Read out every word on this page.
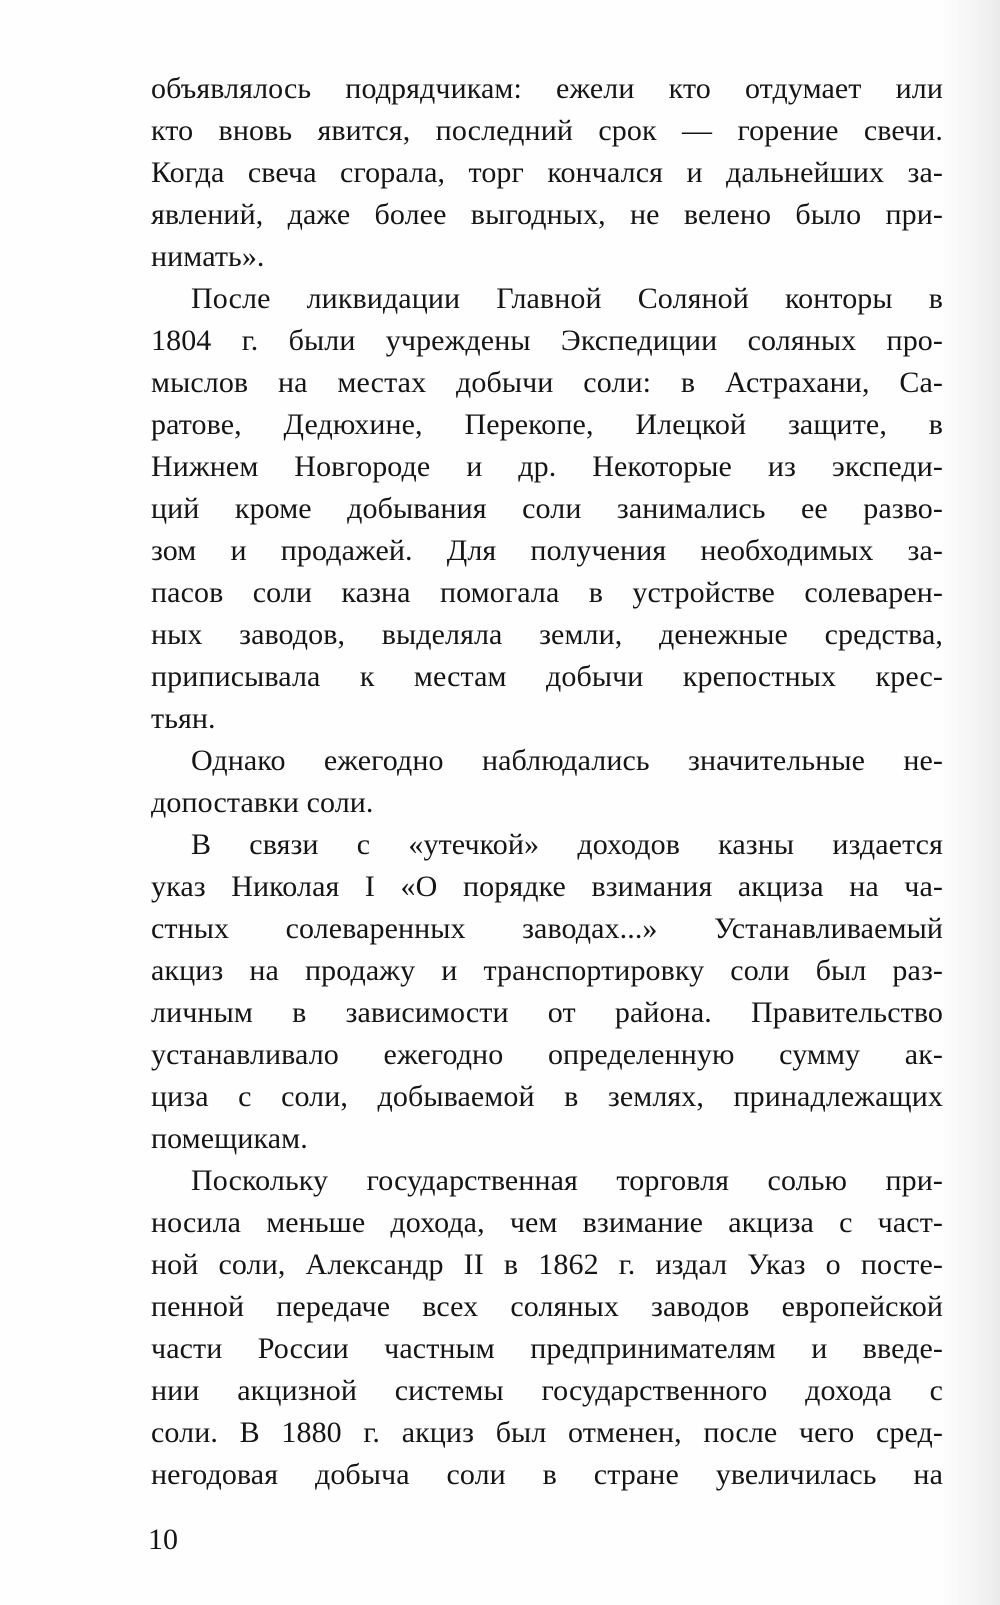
объявлялось подрядчикам: ежели кто отдумает или
кто вновь явится, последний срок — горение свечи.
Когда свеча сгорала, торг кончался и дальнейших за-
явлений, даже более выгодных, не велено было при-
нимать».
После ликвидации Главной Соляной конторы в
1804 г. были учреждены Экспедиции соляных про-
мыслов на местах добычи соли: в Астрахани, Са-
ратове, Дедюхине, Перекопе, Илецкой защите, в
Нижнем Новгороде и др. Некоторые из экспеди-
ций кроме добывания соли занимались ее разво-
зом и продажей. Для получения необходимых за-
пасов соли казна помогала в устройстве солеварен-
ных заводов, выделяла земли, денежные средства,
приписывала к местам добычи крепостных крес-
тьян.
Однако ежегодно наблюдались значительные не-
допоставки соли.
В связи с «утечкой» доходов казны издается
указ Николая I «О порядке взимания акциза на ча-
стных солеваренных заводах...» Устанавливаемый
акциз на продажу и транспортировку соли был раз-
личным в зависимости от района. Правительство
устанавливало ежегодно определенную сумму ак-
циза с соли, добываемой в землях, принадлежащих
помещикам.
Поскольку государственная торговля солью при-
носила меньше дохода, чем взимание акциза с част-
ной соли, Александр II в 1862 г. издал Указ о посте-
пенной передаче всех соляных заводов европейской
части России частным предпринимателям и введе-
нии акцизной системы государственного дохода с
соли. В 1880 г. акциз был отменен, после чего сред-
негодовая добыча соли в стране увеличилась на
10
